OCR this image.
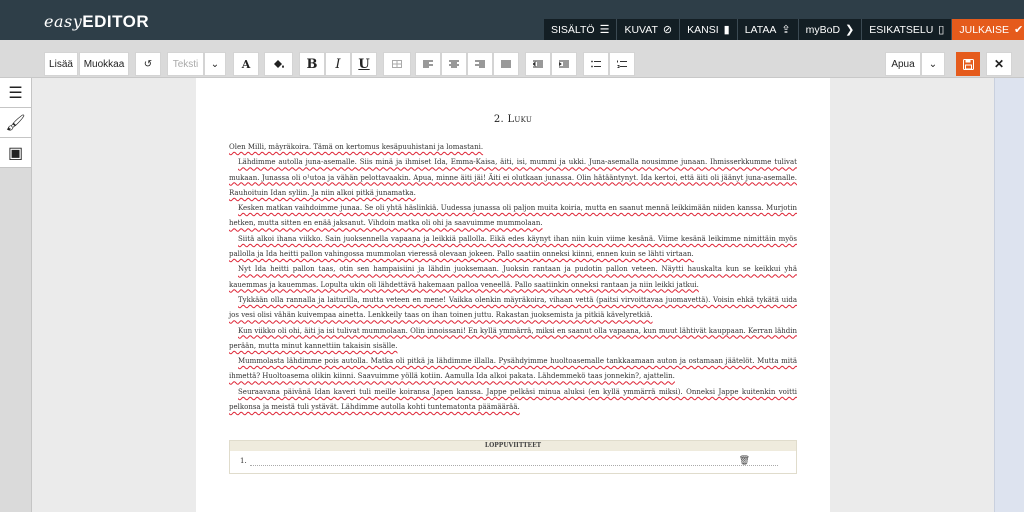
easyEDITOR	SISÄLTÖ ☰ KUVAT ⊘ KANSI ▮ LATAA ⇪ myBoD ❯ ESIKATSELU ▯ JULKAISE ✔
Lisää	Muokkaa	↺	Teksti	⌄	A	B	I	U	Apua	⌄	✕
☰
🖌
▣
2. Luku

Olen Milli, mäyräkoira. Tämä on kertomus kesäpuuhistani ja lomastani.

Lähdimme autolla juna-asemalle. Siis minä ja ihmiset Ida, Emma-Kaisa, äiti, isi, mummi ja ukki. Juna-asemalla nousimme junaan. Ihmisserkkumme tulivat mukaan. Junassa oli o¹utoa ja vähän pelottavaakin. Apua, minne äiti jäi! Äiti ei olutkaan junassa. Olin hätääntynyt. Ida kertoi, että äiti oli jäänyt juna-asemalle. Rauhoituin Idan syliin. Ja niin alkoi pitkä junamatka.

Kesken matkan vaihdoimme junaa. Se oli yhtä häslinkiä. Uudessa junassa oli paljon muita koiria, mutta en saanut mennä leikkimään niiden kanssa. Murjotin hetken, mutta sitten en enää jaksanut. Vihdoin matka oli ohi ja saavuimme mummolaan.

Siitä alkoi ihana viikko. Sain juoksennella vapaana ja leikkiä pallolla. Eikä edes käynyt ihan niin kuin viime kesänä. Viime kesänä leikimme nimittäin myös pallolla ja Ida heitti pallon vahingossa mummolan vieressä olevaan jokeen. Pallo saatiin onneksi kiinni, ennen kuin se lähti virtaan.

Nyt Ida heitti pallon taas, otin sen hampaisiini ja lähdin juoksemaan. Juoksin rantaan ja pudotin pallon veteen. Näytti hauskalta kun se keikkui yhä kauemmas ja kauemmas. Lopulta ukin oli lähdettävä hakemaan palloa veneellä. Pallo saatiinkin onneksi rantaan ja niin leikki jatkui.

Tykkään olla rannalla ja laiturilla, mutta veteen en mene! Vaikka olenkin mäyräkoira, vihaan vettä (paitsi virvoittavaa juomavettä). Voisin ehkä tykätä uida jos vesi olisi vähän kuivempaa ainetta. Lenkkeily taas on ihan toinen juttu. Rakastan juoksemista ja pitkiä kävelyretkiä.

Kun viikko oli ohi, äiti ja isi tulivat mummolaan. Olin innoissani! En kyllä ymmärrä, miksi en saanut olla vapaana, kun muut lähtivät kauppaan. Kerran lähdin perään, mutta minut kannettiin takaisin sisälle.

Mummolasta lähdimme pois autolla. Matka oli pitkä ja lähdimme illalla. Pysähdyimme huoltoasemalle tankkaamaan auton ja ostamaan jäätelöt. Mutta mitä ihmettä? Huoltoasema olikin kiinni. Saavuimme yöllä kotiin. Aamulla Ida alkoi pakata. Lähdemmekö taas jonnekin?, ajattelin.

Seuraavana päivänä Idan kaveri tuli meille koiransa Japen kanssa. Jappe pelkäsi minua aluksi (en kyllä ymmärrä miksi). Onneksi Jappe kuitenkin voitti pelkonsa ja meistä tuli ystävät. Lähdimme autolla kohti tuntematonta päämäärää.

LOPPUVIITTEET
1.	🗑
